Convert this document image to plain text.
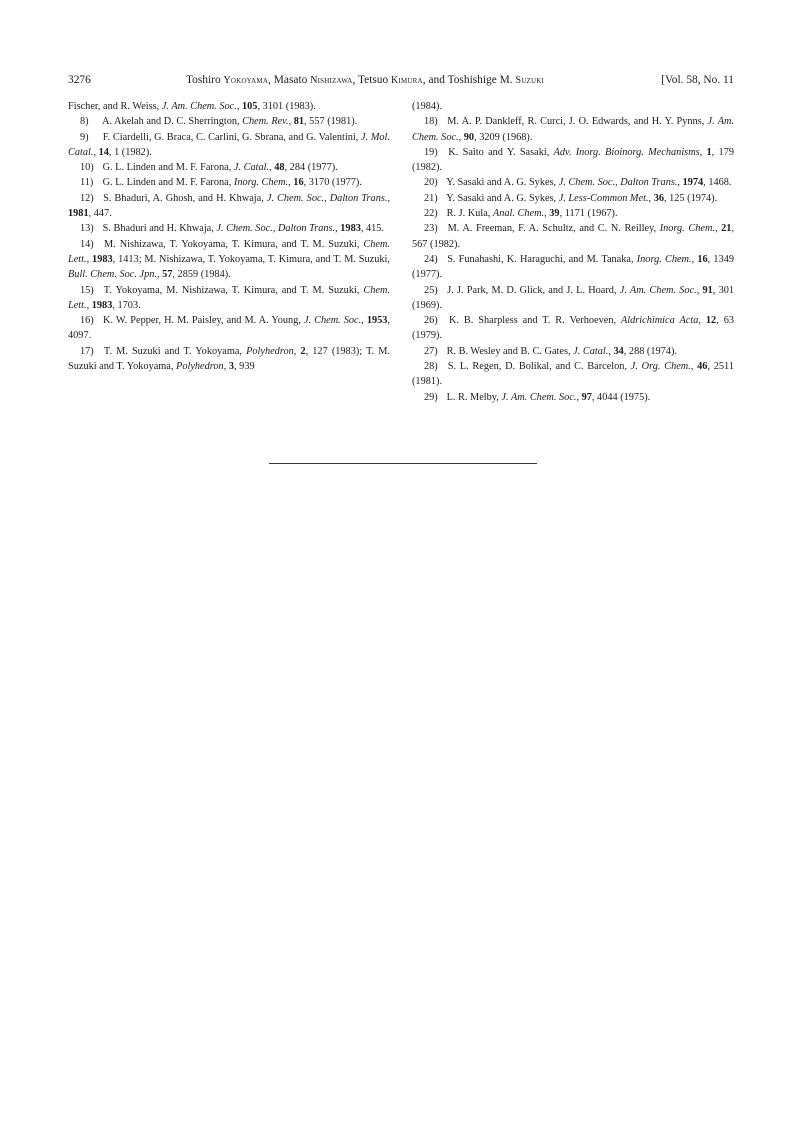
3276	Toshiro Yokoyama, Masato Nishizawa, Tetsuo Kimura, and Toshishige M. Suzuki	[Vol. 58, No. 11
Fischer, and R. Weiss, J. Am. Chem. Soc., 105, 3101 (1983).
8) A. Akelah and D. C. Sherrington, Chem. Rev., 81, 557 (1981).
9) F. Ciardelli, G. Braca, C. Carlini, G. Sbrana, and G. Valentini, J. Mol. Catal., 14, 1 (1982).
10) G. L. Linden and M. F. Farona, J. Catal., 48, 284 (1977).
11) G. L. Linden and M. F. Farona, Inorg. Chem., 16, 3170 (1977).
12) S. Bhaduri, A. Ghosh, and H. Khwaja, J. Chem. Soc., Dalton Trans., 1981, 447.
13) S. Bhaduri and H. Khwaja, J. Chem. Soc., Dalton Trans., 1983, 415.
14) M. Nishizawa, T. Yokoyama, T. Kimura, and T. M. Suzuki, Chem. Lett., 1983, 1413; M. Nishizawa, T. Yokoyama, T. Kimura, and T. M. Suzuki, Bull. Chem. Soc. Jpn., 57, 2859 (1984).
15) T. Yokoyama, M. Nishizawa, T. Kimura, and T. M. Suzuki, Chem. Lett., 1983, 1703.
16) K. W. Pepper, H. M. Paisley, and M. A. Young, J. Chem. Soc., 1953, 4097.
17) T. M. Suzuki and T. Yokoyama, Polyhedron, 2, 127 (1983); T. M. Suzuki and T. Yokoyama, Polyhedron, 3, 939
(1984).
18) M. A. P. Dankleff, R. Curci, J. O. Edwards, and H. Y. Pynns, J. Am. Chem. Soc., 90, 3209 (1968).
19) K. Saito and Y. Sasaki, Adv. Inorg. Bioinorg. Mechanisms, 1, 179 (1982).
20) Y. Sasaki and A. G. Sykes, J. Chem. Soc., Dalton Trans., 1974, 1468.
21) Y. Sasaki and A. G. Sykes, J. Less-Common Met., 36, 125 (1974).
22) R. J. Kula, Anal. Chem., 39, 1171 (1967).
23) M. A. Freeman, F. A. Schultz, and C. N. Reilley, Inorg. Chem., 21, 567 (1982).
24) S. Funahashi, K. Haraguchi, and M. Tanaka, Inorg. Chem., 16, 1349 (1977).
25) J. J. Park, M. D. Glick, and J. L. Hoard, J. Am. Chem. Soc., 91, 301 (1969).
26) K. B. Sharpless and T. R. Verhoeven, Aldrichimica Acta, 12, 63 (1979).
27) R. B. Wesley and B. C. Gates, J. Catal., 34, 288 (1974).
28) S. L. Regen, D. Bolikal, and C. Barcelon, J. Org. Chem., 46, 2511 (1981).
29) L. R. Melby, J. Am. Chem. Soc., 97, 4044 (1975).
